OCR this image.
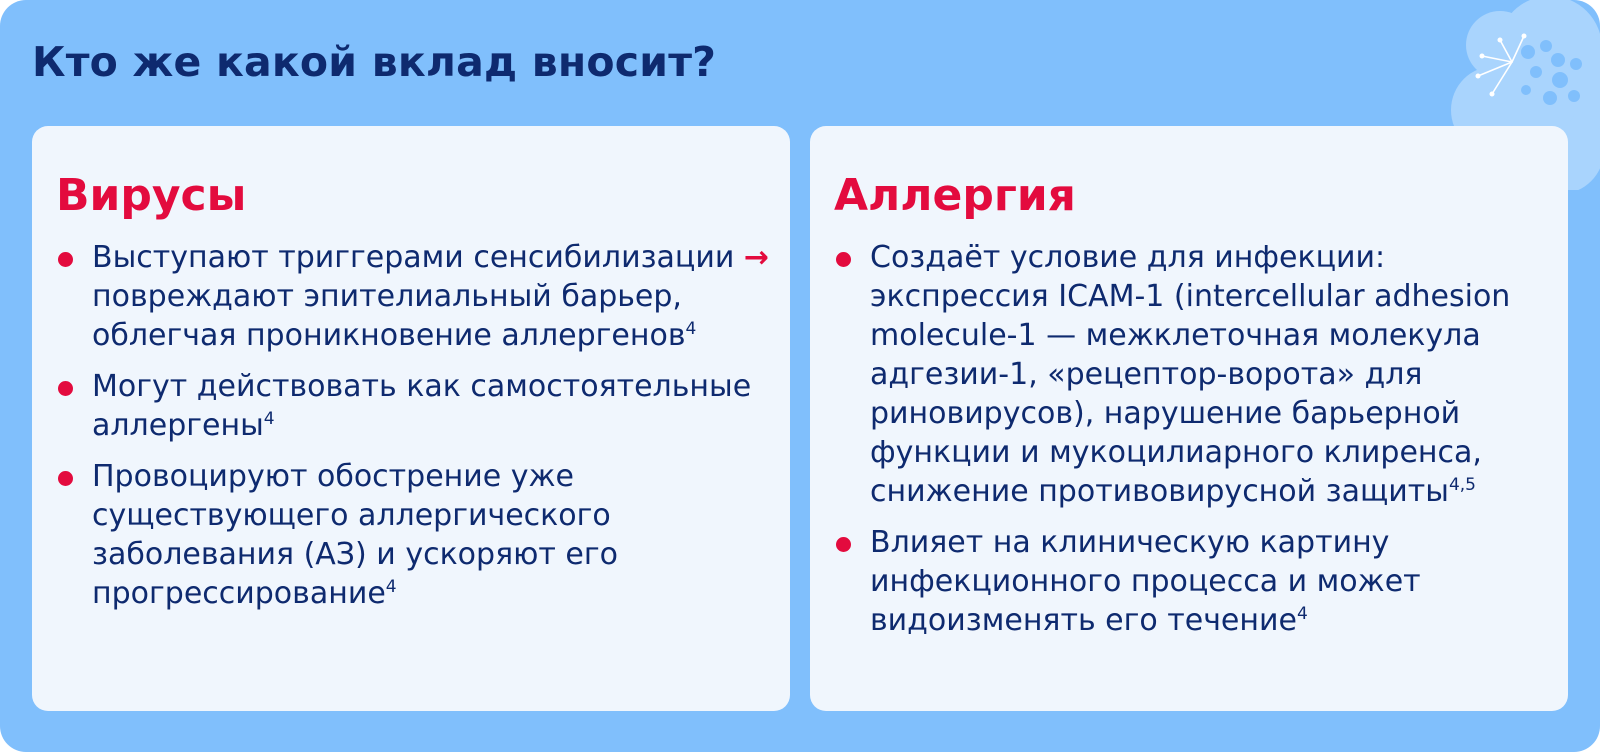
Кто же какой вклад вносит?
Вирусы
Выступают триггерами сенсибилизации → повреждают эпителиальный барьер, облегчая проникновение аллергенов$^4$
Могут действовать как самостоятельные аллергены$^4$
Провоцируют обострение уже существующего аллергического заболевания (АЗ) и ускоряют его прогрессирование$^4$
Аллергия
Создаёт условие для инфекции: экспрессия ICAM-1 (intercellular adhesion molecule-1 — межклеточная молекула адгезии-1, «рецептор-ворота» для риновирусов), нарушение барьерной функции и мукоцилиарного клиренса, снижение противовирусной защиты$^{4,5}$
Влияет на клиническую картину инфекционного процесса и может видоизменять его течение$^4$
